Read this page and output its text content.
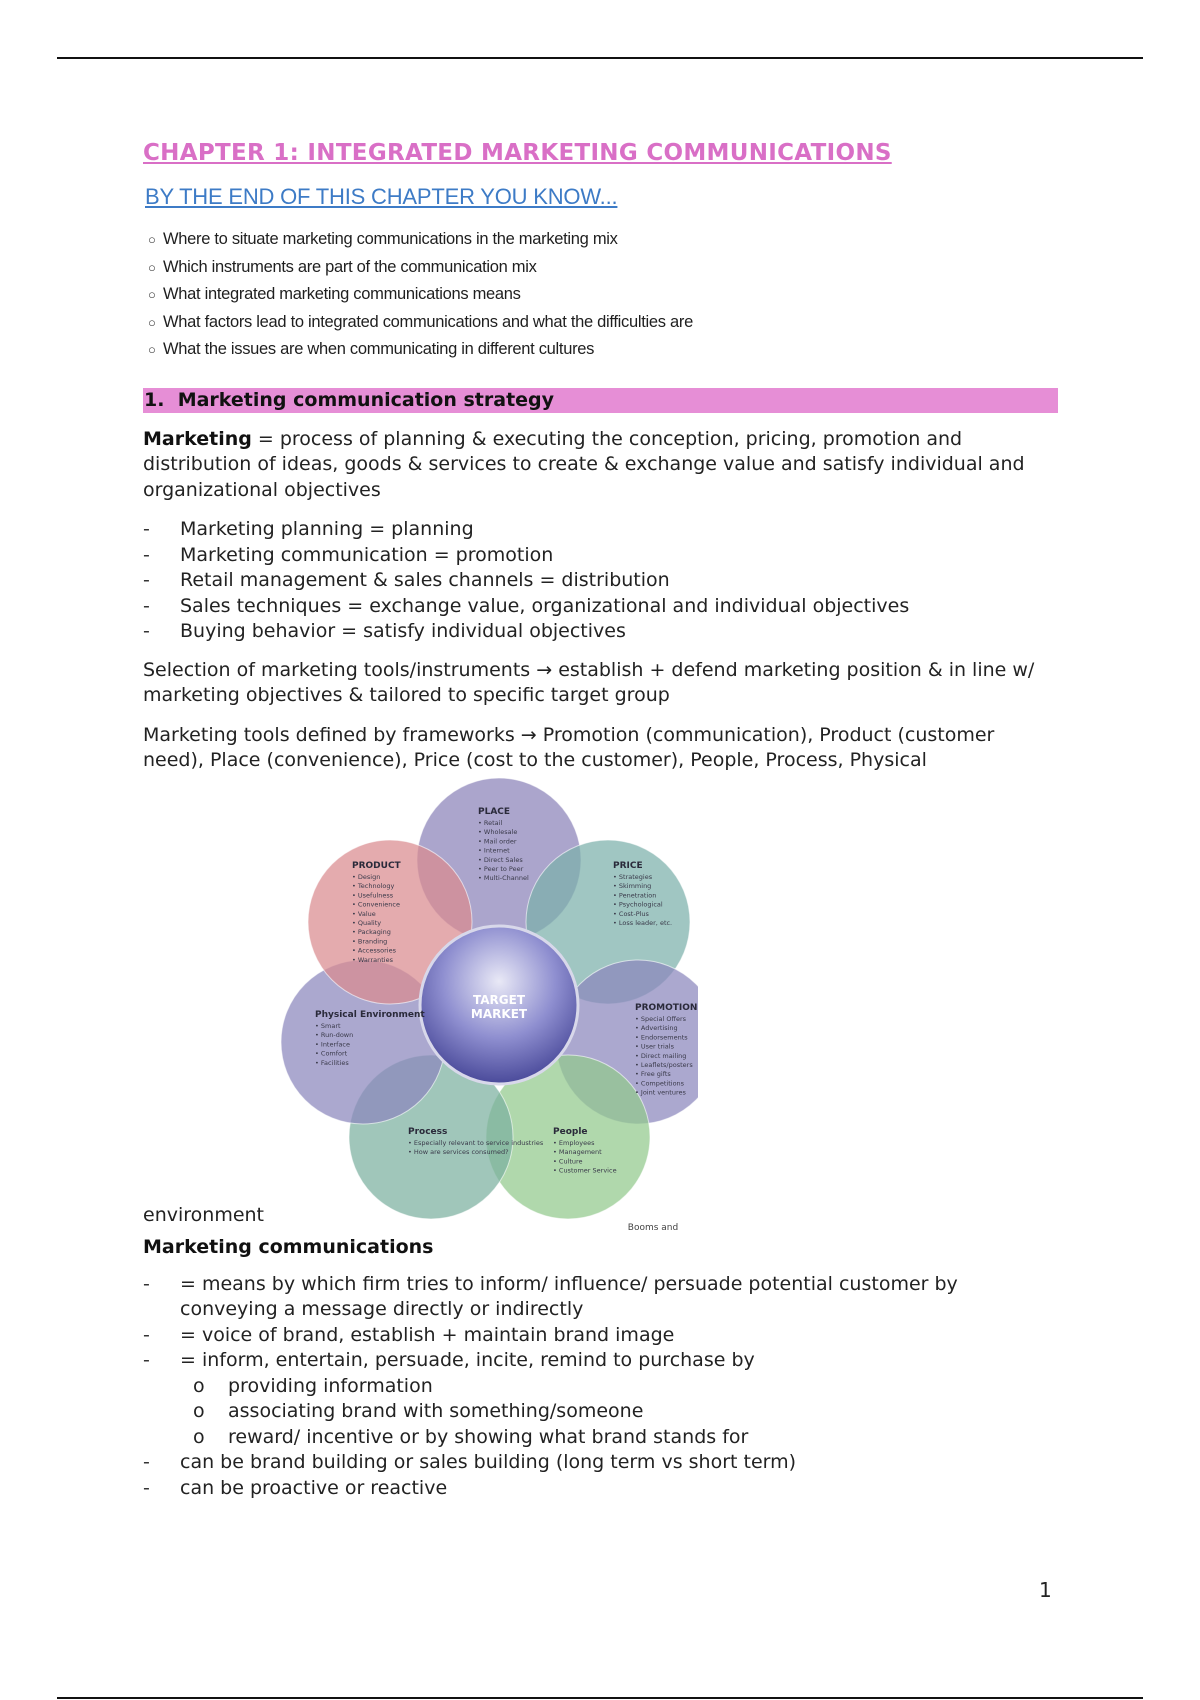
CHAPTER 1: INTEGRATED MARKETING COMMUNICATIONS
BY THE END OF THIS CHAPTER YOU KNOW...
○ Where to situate marketing communications in the marketing mix
○ Which instruments are part of the communication mix
○ What integrated marketing communications means
○ What factors lead to integrated communications and what the difficulties are
○ What the issues are when communicating in different cultures
1. Marketing communication strategy

Marketing = process of planning & executing the conception, pricing, promotion and distribution of ideas, goods & services to create & exchange value and satisfy individual and organizational objectives

-	Marketing planning = planning
-	Marketing communication = promotion
-	Retail management & sales channels = distribution
-	Sales techniques = exchange value, organizational and individual objectives
-	Buying behavior = satisfy individual objectives

Selection of marketing tools/instruments → establish + defend marketing position & in line w/ marketing objectives & tailored to specific target group

Marketing tools defined by frameworks → Promotion (communication), Product (customer need), Place (convenience), Price (cost to the customer), People, Process, Physical

environment
TARGET
MARKET
PLACE
• Retail
• Wholesale
• Mail order
• Internet
• Direct Sales
• Peer to Peer
• Multi-Channel
PRICE
• Strategies
• Skimming
• Penetration
• Psychological
• Cost-Plus
• Loss leader, etc.
PROMOTION
• Special Offers
• Advertising
• Endorsements
• User trials
• Direct mailing
• Leaflets/posters
• Free gifts
• Competitions
• Joint ventures
People
• Employees
• Management
• Culture
• Customer Service
Process
• Especially relevant to service industries
• How are services consumed?
Physical Environment
• Smart
• Run-down
• Interface
• Comfort
• Facilities
PRODUCT
• Design
• Technology
• Usefulness
• Convenience
• Value
• Quality
• Packaging
• Branding
• Accessories
• Warranties
Booms and
Marketing communications
-	= means by which firm tries to inform/ influence/ persuade potential customer by conveying a message directly or indirectly
-	= voice of brand, establish + maintain brand image
-	= inform, entertain, persuade, incite, remind to purchase by
o	providing information
o	associating brand with something/someone
o	reward/ incentive or by showing what brand stands for
-	can be brand building or sales building (long term vs short term)
-	can be proactive or reactive
1
